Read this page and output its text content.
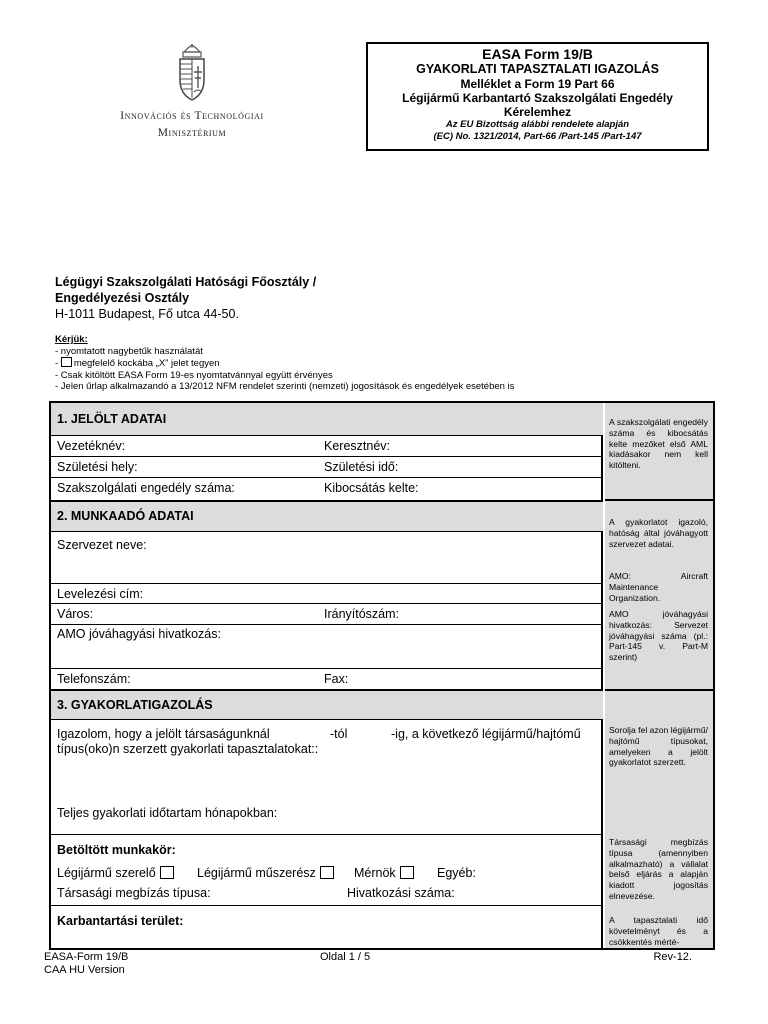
Innovációs és Technológiai
Minisztérium
EASA Form 19/B
GYAKORLATI TAPASZTALATI IGAZOLÁS
Melléklet a Form 19 Part 66
Légijármű Karbantartó Szakszolgálati Engedély
Kérelemhez
Az EU Bizottság alábbi rendelete alapján
(EC) No. 1321/2014, Part-66 /Part-145 /Part-147
Légügyi Szakszolgálati Hatósági Főosztály /
Engedélyezési Osztály
H-1011 Budapest, Fő utca 44-50.
Kérjük:
- nyomtatott nagybetűk használatát
- megfelelő kockába „X” jelet tegyen
- Csak kitöltött EASA Form 19-es nyomtatvánnyal együtt érvényes
- Jelen űrlap alkalmazandó a 13/2012 NFM rendelet szerinti (nemzeti) jogosítások és engedélyek esetében is
1. JELÖLT ADATAI
Vezetéknév:	Keresztnév:
Születési hely:	Születési idő:
Szakszolgálati engedély száma:	Kibocsátás kelte:
2. MUNKAADÓ ADATAI
Szervezet neve:
Levelezési cím:
Város:	Irányítószám:
AMO jóváhagyási hivatkozás:
Telefonszám:	Fax:
3. GYAKORLATIGAZOLÁS
Igazolom, hogy a jelölt társaságunknál	-tól	-ig, a következő légijármű/hajtómű
típus(oko)n szerzett gyakorlati tapasztalatokat::
Teljes gyakorlati időtartam hónapokban:
Betöltött munkakör:
Légijármű szerelő	Légijármű műszerész	Mérnök	Egyéb:
Társasági megbízás típusa:	Hivatkozási száma:
Karbantartási terület:
A szakszolgálati engedély száma és kibocsátás kelte mezőket első AML kiadásakor nem kell kitölteni.
A gyakorlatot igazoló, hatóság által jóváhagyott szervezet adatai.
AMO: Aircraft Maintenance Organization.
AMO jóváhagyási hivatkozás: Servezet jóváhagyási száma (pl.: Part-145 v. Part-M szerint)
Sorolja fel azon légijármű/ hajtómű típusokat, amelyeken a jelölt gyakorlatot szerzett.
Társasági megbízás típusa (amennyiben alkalmazható) a vállalat belső eljárás a alapján kiadott jogosítás elnevezése.
A tapasztalati idő követelményt és a csökkentés mérté-
EASA-Form 19/B
CAA HU Version
Oldal 1 / 5	Rev-12.
